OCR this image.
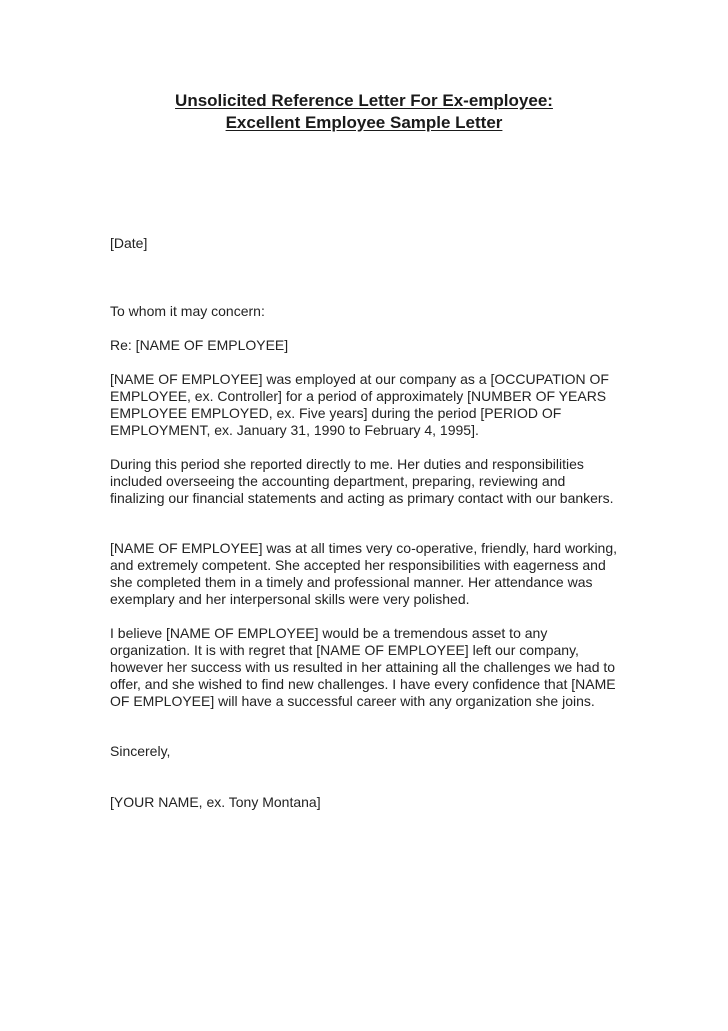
Unsolicited Reference Letter For Ex-employee:
Excellent Employee Sample Letter

[Date]

To whom it may concern:

Re: [NAME OF EMPLOYEE]

[NAME OF EMPLOYEE] was employed at our company as a [OCCUPATION OF EMPLOYEE, ex. Controller] for a period of approximately [NUMBER OF YEARS EMPLOYEE EMPLOYED, ex. Five years] during the period [PERIOD OF EMPLOYMENT, ex. January 31, 1990 to February 4, 1995].

During this period she reported directly to me. Her duties and responsibilities included overseeing the accounting department, preparing, reviewing and finalizing our financial statements and acting as primary contact with our bankers.

[NAME OF EMPLOYEE] was at all times very co-operative, friendly, hard working, and extremely competent. She accepted her responsibilities with eagerness and she completed them in a timely and professional manner. Her attendance was exemplary and her interpersonal skills were very polished.

I believe [NAME OF EMPLOYEE] would be a tremendous asset to any organization. It is with regret that [NAME OF EMPLOYEE] left our company, however her success with us resulted in her attaining all the challenges we had to offer, and she wished to find new challenges. I have every confidence that [NAME OF EMPLOYEE] will have a successful career with any organization she joins.

Sincerely,

[YOUR NAME, ex. Tony Montana]
